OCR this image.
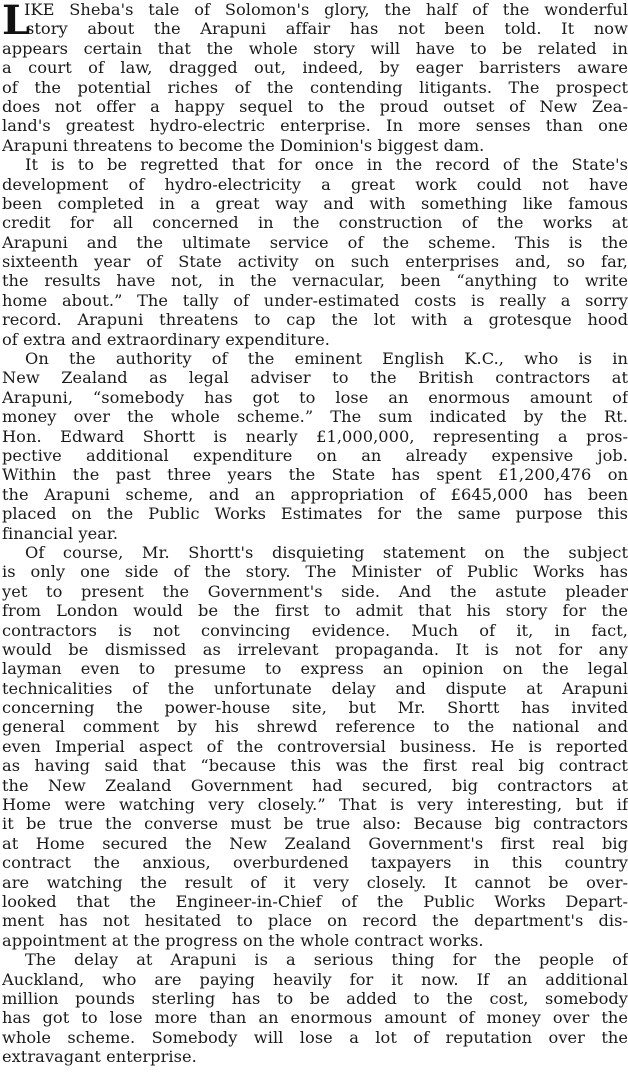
L
IKE Sheba's tale of Solomon's glory, the half of the wonderful
story about the Arapuni affair has not been told. It now
appears certain that the whole story will have to be related in
a court of law, dragged out, indeed, by eager barristers aware
of the potential riches of the contending litigants. The prospect
does not offer a happy sequel to the proud outset of New Zea-
land's greatest hydro-electric enterprise. In more senses than one
Arapuni threatens to become the Dominion's biggest dam.
It is to be regretted that for once in the record of the State's
development of hydro-electricity a great work could not have
been completed in a great way and with something like famous
credit for all concerned in the construction of the works at
Arapuni and the ultimate service of the scheme. This is the
sixteenth year of State activity on such enterprises and, so far,
the results have not, in the vernacular, been “anything to write
home about.” The tally of under-estimated costs is really a sorry
record. Arapuni threatens to cap the lot with a grotesque hood
of extra and extraordinary expenditure.
On the authority of the eminent English K.C., who is in
New Zealand as legal adviser to the British contractors at
Arapuni, “somebody has got to lose an enormous amount of
money over the whole scheme.” The sum indicated by the Rt.
Hon. Edward Shortt is nearly £1,000,000, representing a pros-
pective additional expenditure on an already expensive job.
Within the past three years the State has spent £1,200,476 on
the Arapuni scheme, and an appropriation of £645,000 has been
placed on the Public Works Estimates for the same purpose this
financial year.
Of course, Mr. Shortt's disquieting statement on the subject
is only one side of the story. The Minister of Public Works has
yet to present the Government's side. And the astute pleader
from London would be the first to admit that his story for the
contractors is not convincing evidence. Much of it, in fact,
would be dismissed as irrelevant propaganda. It is not for any
layman even to presume to express an opinion on the legal
technicalities of the unfortunate delay and dispute at Arapuni
concerning the power-house site, but Mr. Shortt has invited
general comment by his shrewd reference to the national and
even Imperial aspect of the controversial business. He is reported
as having said that “because this was the first real big contract
the New Zealand Government had secured, big contractors at
Home were watching very closely.” That is very interesting, but if
it be true the converse must be true also: Because big contractors
at Home secured the New Zealand Government's first real big
contract the anxious, overburdened taxpayers in this country
are watching the result of it very closely. It cannot be over-
looked that the Engineer-in-Chief of the Public Works Depart-
ment has not hesitated to place on record the department's dis-
appointment at the progress on the whole contract works.
The delay at Arapuni is a serious thing for the people of
Auckland, who are paying heavily for it now. If an additional
million pounds sterling has to be added to the cost, somebody
has got to lose more than an enormous amount of money over the
whole scheme. Somebody will lose a lot of reputation over the
extravagant enterprise.
